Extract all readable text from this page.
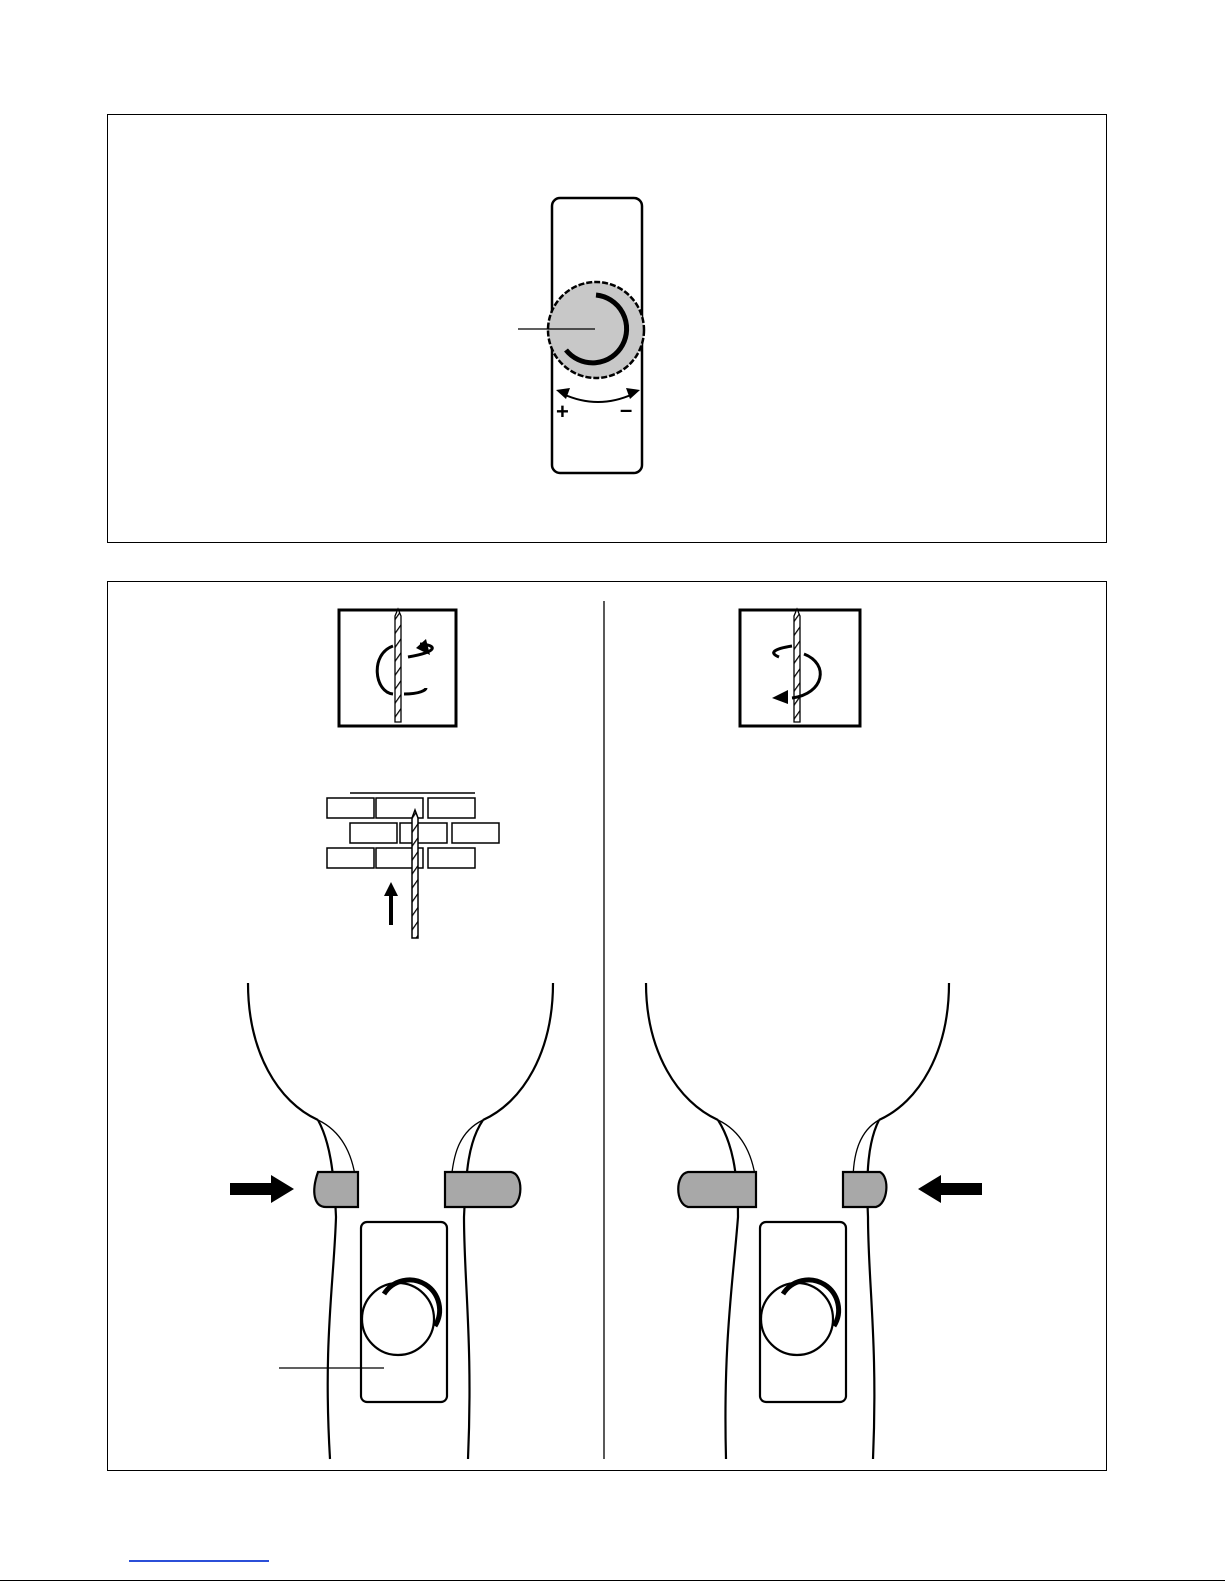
+ –
